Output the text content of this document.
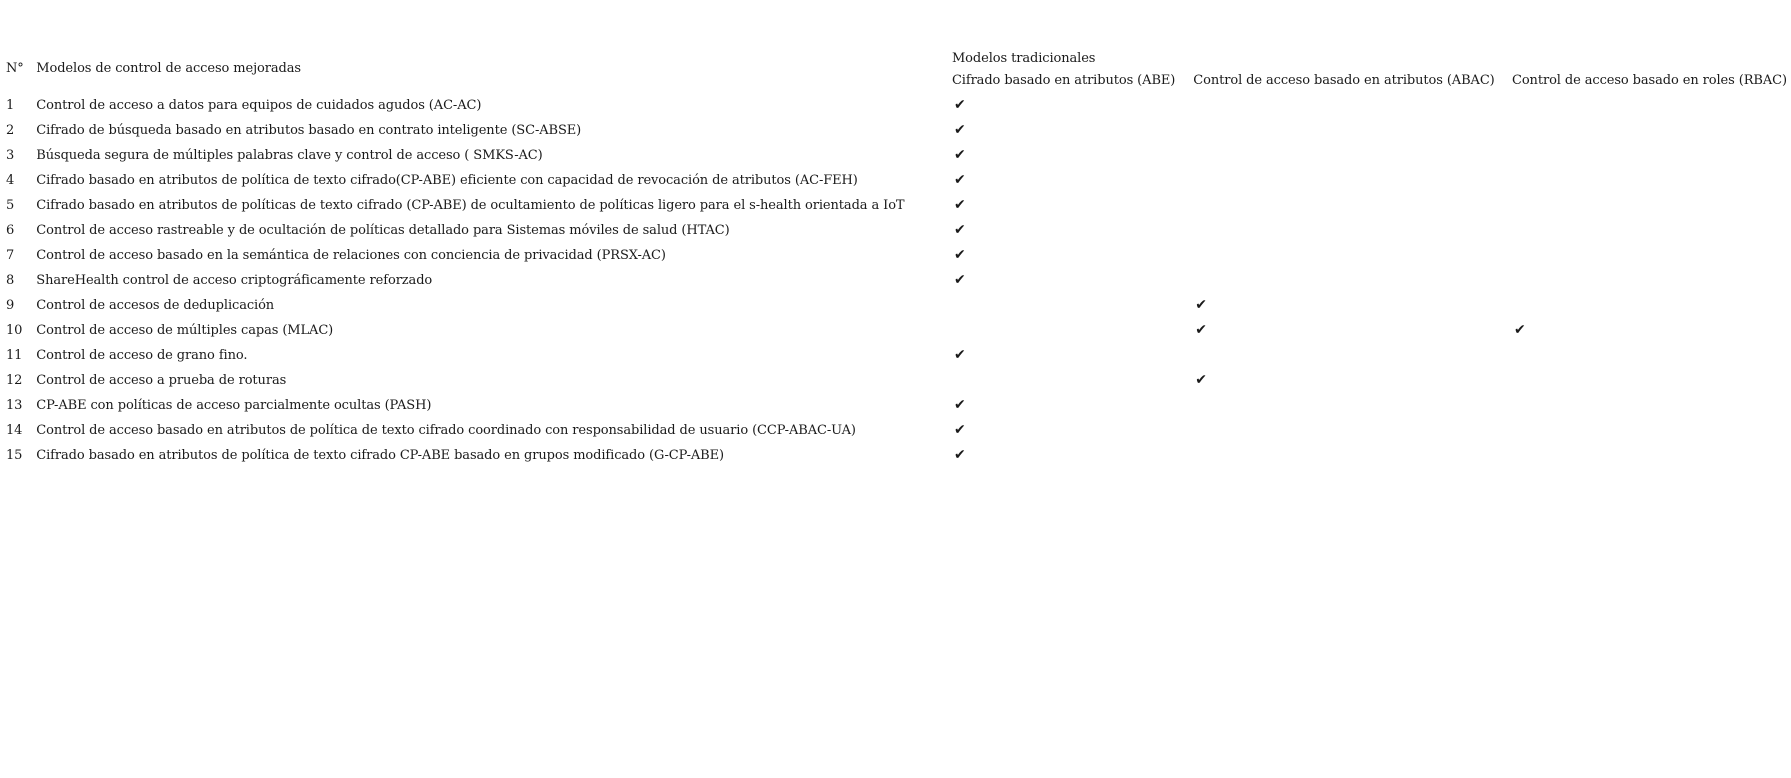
N°	Modelos de control de acceso mejoradas	Modelos tradicionales		
		Cifrado basado en atributos (ABE)	Control de acceso basado en atributos (ABAC)	Control de acceso basado en roles (RBAC)
1	Control de acceso a datos para equipos de cuidados agudos (AC-AC)	✔		
2	Cifrado de búsqueda basado en atributos basado en contrato inteligente (SC-ABSE)	✔		
3	Búsqueda segura de múltiples palabras clave y control de acceso ( SMKS-AC)	✔		
4	Cifrado basado en atributos de política de texto cifrado(CP-ABE) eficiente con capacidad de revocación de atributos (AC-FEH)	✔		
5	Cifrado basado en atributos de políticas de texto cifrado (CP-ABE) de ocultamiento de políticas ligero para el s-health orientada a IoT	✔		
6	Control de acceso rastreable y de ocultación de políticas detallado para Sistemas móviles de salud (HTAC)	✔		
7	Control de acceso basado en la semántica de relaciones con conciencia de privacidad (PRSX-AC)	✔		
8	ShareHealth control de acceso criptográficamente reforzado	✔		
9	Control de accesos de deduplicación		✔	
10	Control de acceso de múltiples capas (MLAC)		✔	✔
11	Control de acceso de grano fino.	✔		
12	Control de acceso a prueba de roturas		✔	
13	CP-ABE con políticas de acceso parcialmente ocultas (PASH)	✔		
14	Control de acceso basado en atributos de política de texto cifrado coordinado con responsabilidad de usuario (CCP-ABAC-UA)	✔		
15	Cifrado basado en atributos de política de texto cifrado CP-ABE basado en grupos modificado (G-CP-ABE)	✔		
